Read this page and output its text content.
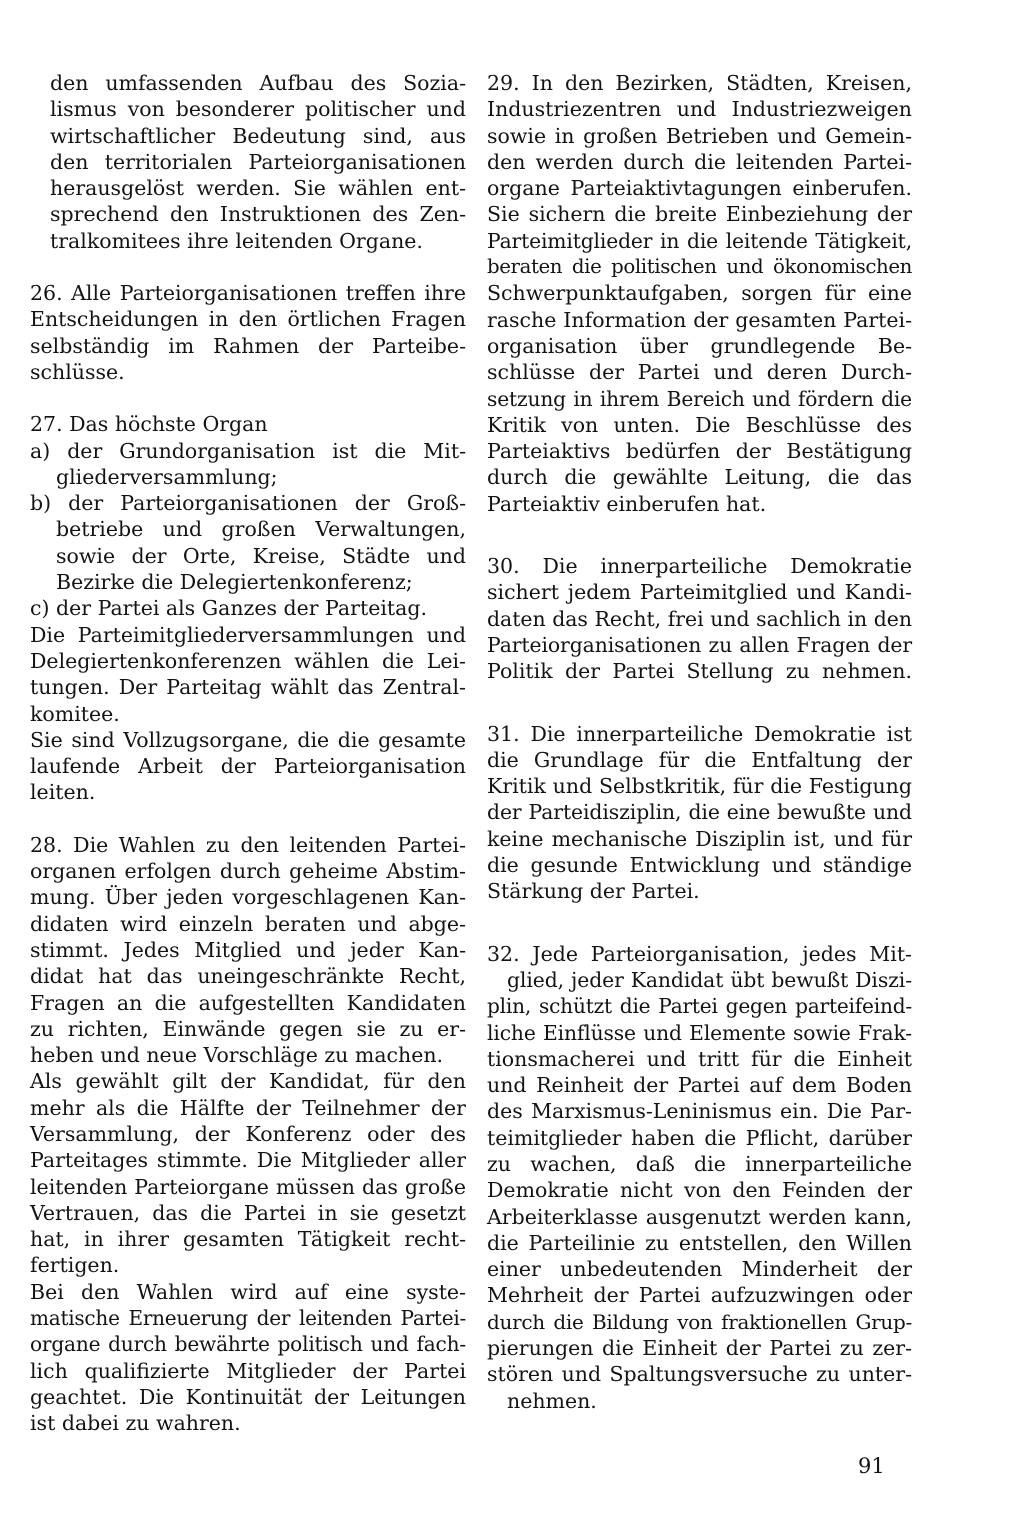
den umfassenden Aufbau des Sozia-
lismus von besonderer politischer und
wirtschaftlicher Bedeutung sind, aus
den territorialen Parteiorganisationen
herausgelöst werden. Sie wählen ent-
sprechend den Instruktionen des Zen-
tralkomitees ihre leitenden Organe.
26. Alle Parteiorganisationen treffen ihre
Entscheidungen in den örtlichen Fragen
selbständig im Rahmen der Parteibe-
schlüsse.
27. Das höchste Organ
a) der Grundorganisation ist die Mit-
gliederversammlung;
b) der Parteiorganisationen der Groß-
betriebe und großen Verwaltungen,
sowie der Orte, Kreise, Städte und
Bezirke die Delegiertenkonferenz;
c) der Partei als Ganzes der Parteitag.
Die Parteimitgliederversammlungen und
Delegiertenkonferenzen wählen die Lei-
tungen. Der Parteitag wählt das Zentral-
komitee.
Sie sind Vollzugsorgane, die die gesamte
laufende Arbeit der Parteiorganisation
leiten.
28. Die Wahlen zu den leitenden Partei-
organen erfolgen durch geheime Abstim-
mung. Über jeden vorgeschlagenen Kan-
didaten wird einzeln beraten und abge-
stimmt. Jedes Mitglied und jeder Kan-
didat hat das uneingeschränkte Recht,
Fragen an die aufgestellten Kandidaten
zu richten, Einwände gegen sie zu er-
heben und neue Vorschläge zu machen.
Als gewählt gilt der Kandidat, für den
mehr als die Hälfte der Teilnehmer der
Versammlung, der Konferenz oder des
Parteitages stimmte. Die Mitglieder aller
leitenden Parteiorgane müssen das große
Vertrauen, das die Partei in sie gesetzt
hat, in ihrer gesamten Tätigkeit recht-
fertigen.
Bei den Wahlen wird auf eine syste-
matische Erneuerung der leitenden Partei-
organe durch bewährte politisch und fach-
lich qualifizierte Mitglieder der Partei
geachtet. Die Kontinuität der Leitungen
ist dabei zu wahren.
29. In den Bezirken, Städten, Kreisen,
Industriezentren und Industriezweigen
sowie in großen Betrieben und Gemein-
den werden durch die leitenden Partei-
organe Parteiaktivtagungen einberufen.
Sie sichern die breite Einbeziehung der
Parteimitglieder in die leitende Tätigkeit,
beraten die politischen und ökonomischen
Schwerpunktaufgaben, sorgen für eine
rasche Information der gesamten Partei-
organisation über grundlegende Be-
schlüsse der Partei und deren Durch-
setzung in ihrem Bereich und fördern die
Kritik von unten. Die Beschlüsse des
Parteiaktivs bedürfen der Bestätigung
durch die gewählte Leitung, die das
Parteiaktiv einberufen hat.
30. Die innerparteiliche Demokratie
sichert jedem Parteimitglied und Kandi-
daten das Recht, frei und sachlich in den
Parteiorganisationen zu allen Fragen der
Politik der Partei Stellung zu nehmen.
31. Die innerparteiliche Demokratie ist
die Grundlage für die Entfaltung der
Kritik und Selbstkritik, für die Festigung
der Parteidisziplin, die eine bewußte und
keine mechanische Disziplin ist, und für
die gesunde Entwicklung und ständige
Stärkung der Partei.
32. Jede Parteiorganisation, jedes Mit-
glied, jeder Kandidat übt bewußt Diszi-
plin, schützt die Partei gegen parteifeind-
liche Einflüsse und Elemente sowie Frak-
tionsmacherei und tritt für die Einheit
und Reinheit der Partei auf dem Boden
des Marxismus-Leninismus ein. Die Par-
teimitglieder haben die Pflicht, darüber
zu wachen, daß die innerparteiliche
Demokratie nicht von den Feinden der
Arbeiterklasse ausgenutzt werden kann,
die Parteilinie zu entstellen, den Willen
einer unbedeutenden Minderheit der
Mehrheit der Partei aufzuzwingen oder
durch die Bildung von fraktionellen Grup-
pierungen die Einheit der Partei zu zer-
stören und Spaltungsversuche zu unter-
nehmen.
91
